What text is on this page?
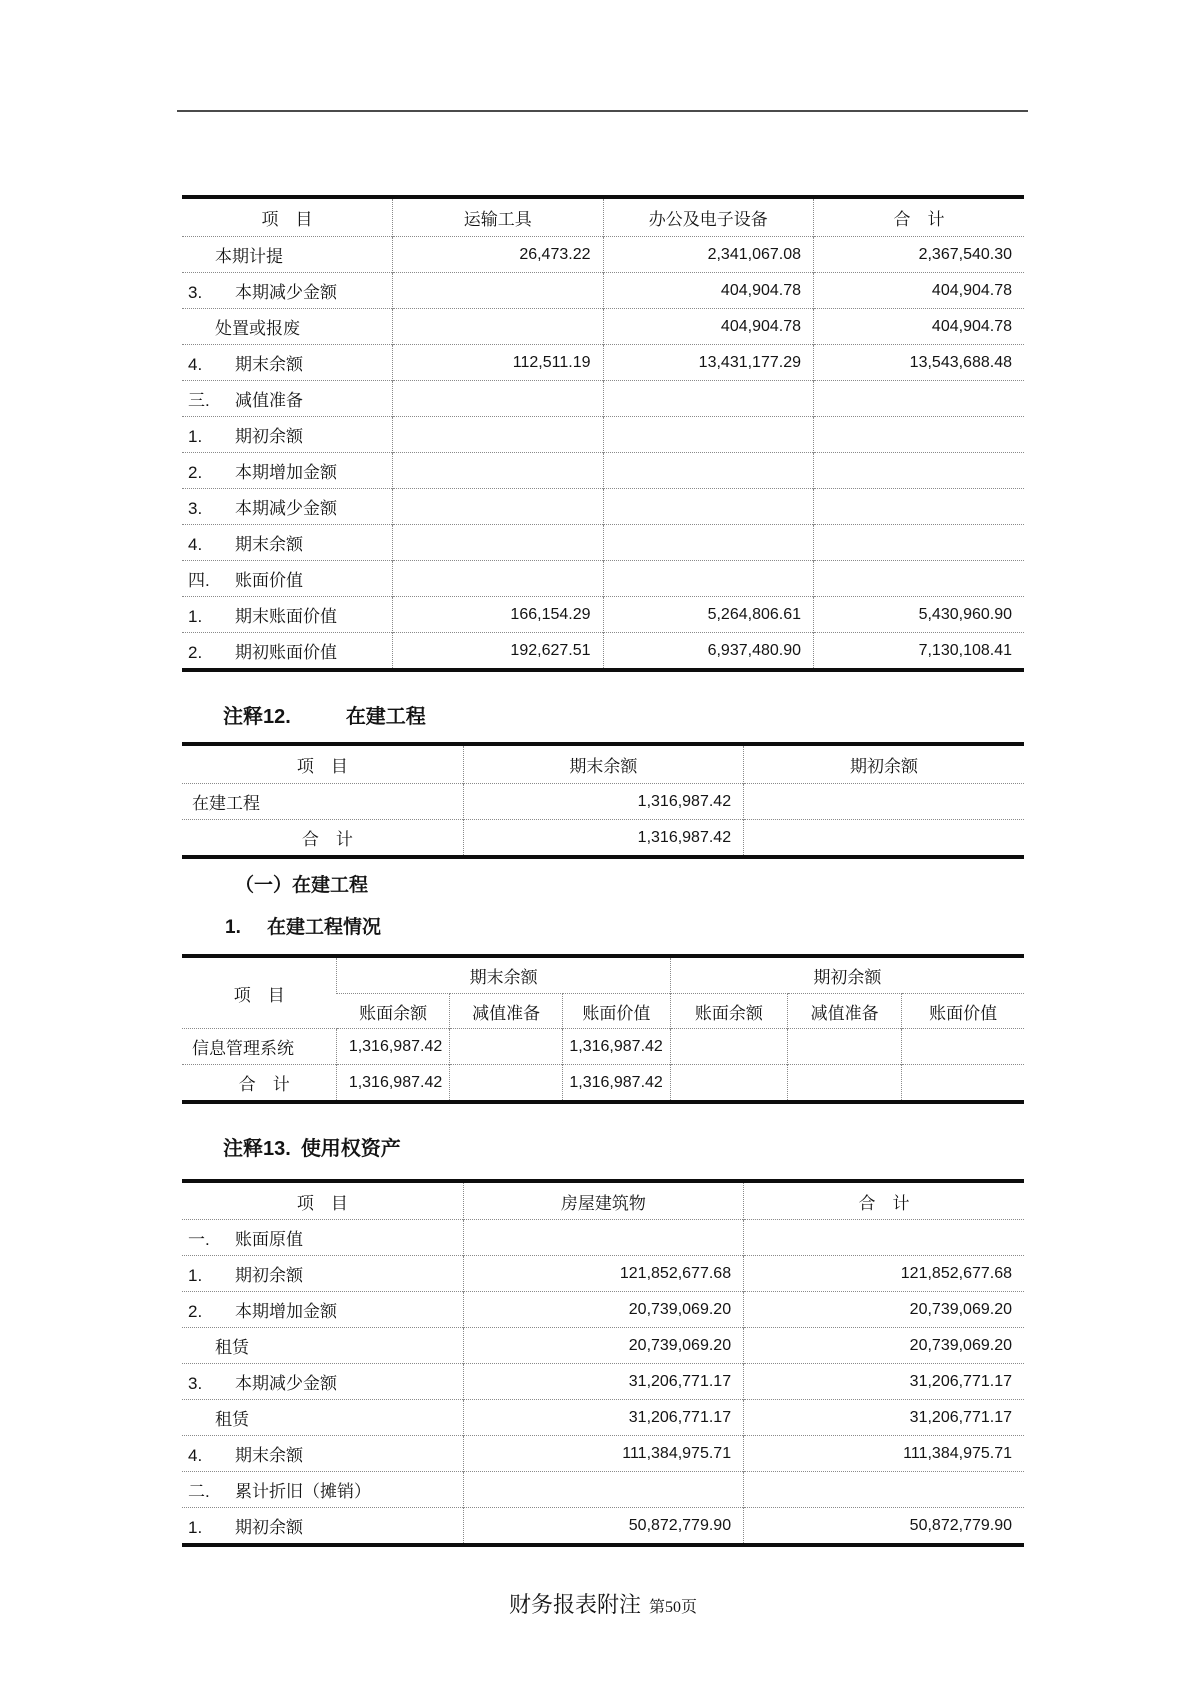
项　目	运输工具	办公及电子设备	合　计
本期计提	26,473.22	2,341,067.08	2,367,540.30
3. 本期减少金额		404,904.78	404,904.78
处置或报废		404,904.78	404,904.78
4. 期末余额	112,511.19	13,431,177.29	13,543,688.48
三. 减值准备			
1. 期初余额			
2. 本期增加金额			
3. 本期减少金额			
4. 期末余额			
四. 账面价值			
1. 期末账面价值	166,154.29	5,264,806.61	5,430,960.90
2. 期初账面价值	192,627.51	6,937,480.90	7,130,108.41
注释12.	在建工程
项　目	期末余额	期初余额
在建工程	1,316,987.42	
合　计	1,316,987.42	
（一）在建工程
1. 在建工程情况
项　目	期末余额			期初余额		
	账面余额	减值准备	账面价值	账面余额	减值准备	账面价值
信息管理系统	1,316,987.42		1,316,987.42			
合　计	1,316,987.42		1,316,987.42			
注释13. 使用权资产
项　目	房屋建筑物	合　计
一. 账面原值		
1. 期初余额	121,852,677.68	121,852,677.68
2. 本期增加金额	20,739,069.20	20,739,069.20
租赁	20,739,069.20	20,739,069.20
3. 本期减少金额	31,206,771.17	31,206,771.17
租赁	31,206,771.17	31,206,771.17
4. 期末余额	111,384,975.71	111,384,975.71
二. 累计折旧（摊销）		
1. 期初余额	50,872,779.90	50,872,779.90
财务报表附注 第50页
